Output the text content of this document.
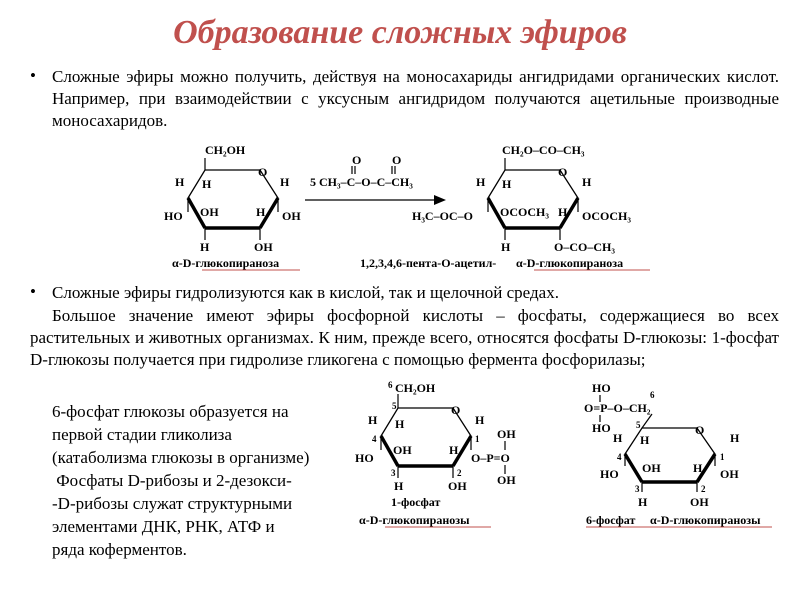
Образование сложных эфиров
• Сложные эфиры можно получить, действуя на моносахариды ангидридами органических кислот. Например, при взаимодействии с уксусным ангидридом получаются ацетильные производные моносахаридов.
CH₂OH
O
H H	H
HO OH	H OH
H	OH
O	O
5 CH₃–C–O–C–CH₃
CH₂O–CO–CH₃
O
H H	H
H₃C–OC–O OCOCH₃ H OCOCH₃
H	O–CO–CH₃
α-D-глюкопираноза	1,2,3,4,6-пента-О-ацетил- α-D-глюкопираноза
• Сложные эфиры гидролизуются как в кислой, так и щелочной средах.
Большое значение имеют эфиры фосфорной кислоты – фосфаты, содержащиеся во всех растительных и животных организмах. К ним, прежде всего, относятся фосфаты D-глюкозы: 1-фосфат D-глюкозы получается при гидролизе гликогена с помощью фермента фосфорилазы;
6-фосфат глюкозы образуется на
первой стадии гликолиза
(катаболизма глюкозы в организме)
Фосфаты D-рибозы и 2-дезокси-
-D-рибозы служат структурными
элементами ДНК, РНК, АТФ и
ряда коферментов.
6 CH₂OH
O
5
H H	H
4	1
HO
OH	H
OH
O–P=O
OH
3	2
H	OH
1-фосфат
α-D-глюкопиранозы
HO	6
O=P–O–CH₂
HO	5	O
H H	H
4	1
HO OH	H OH
3	2
H	OH
6-фосфат α-D-глюкопиранозы
